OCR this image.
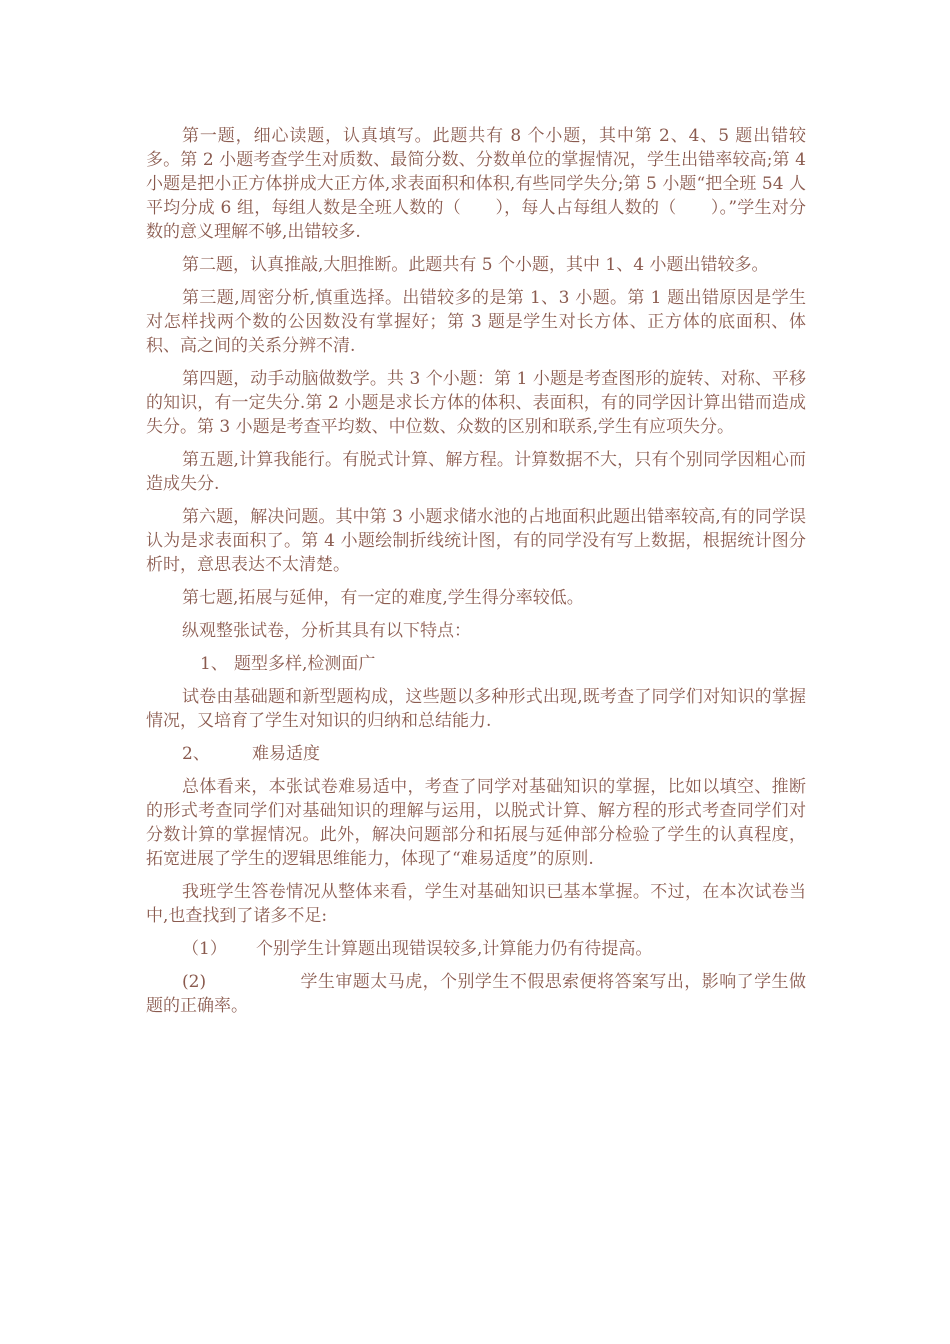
第一题，细心读题，认真填写。此题共有 8 个小题，其中第 2、4、5 题出错较多。第 2 小题考查学生对质数、最简分数、分数单位的掌握情况，学生出错率较高;第 4 小题是把小正方体拼成大正方体,求表面积和体积,有些同学失分;第 5 小题“把全班 54 人平均分成 6 组，每组人数是全班人数的（　　），每人占每组人数的（　　）。”学生对分数的意义理解不够,出错较多.

第二题，认真推敲,大胆推断。此题共有 5 个小题，其中 1、4 小题出错较多。

第三题,周密分析,慎重选择。出错较多的是第 1、3 小题。第 1 题出错原因是学生对怎样找两个数的公因数没有掌握好；第 3 题是学生对长方体、正方体的底面积、体积、高之间的关系分辨不清.

第四题，动手动脑做数学。共 3 个小题：第 1 小题是考查图形的旋转、对称、平移的知识，有一定失分.第 2 小题是求长方体的体积、表面积，有的同学因计算出错而造成失分。第 3 小题是考查平均数、中位数、众数的区别和联系,学生有应项失分。

第五题,计算我能行。有脱式计算、解方程。计算数据不大，只有个别同学因粗心而造成失分.

第六题，解决问题。其中第 3 小题求储水池的占地面积此题出错率较高,有的同学误认为是求表面积了。第 4 小题绘制折线统计图，有的同学没有写上数据，根据统计图分析时，意思表达不太清楚。

第七题,拓展与延伸，有一定的难度,学生得分率较低。

纵观整张试卷，分析其具有以下特点：

1、 题型多样,检测面广

试卷由基础题和新型题构成，这些题以多种形式出现,既考查了同学们对知识的掌握情况，又培育了学生对知识的归纳和总结能力.

2、 难易适度

总体看来，本张试卷难易适中，考查了同学对基础知识的掌握，比如以填空、推断的形式考查同学们对基础知识的理解与运用，以脱式计算、解方程的形式考查同学们对分数计算的掌握情况。此外，解决问题部分和拓展与延伸部分检验了学生的认真程度，拓宽进展了学生的逻辑思维能力，体现了“难易适度”的原则.

我班学生答卷情况从整体来看，学生对基础知识已基本掌握。不过，在本次试卷当中,也查找到了诸多不足:

（1） 个别学生计算题出现错误较多,计算能力仍有待提高。

(2)	学生审题太马虎，个别学生不假思索便将答案写出，影响了学生做题的正确率。
